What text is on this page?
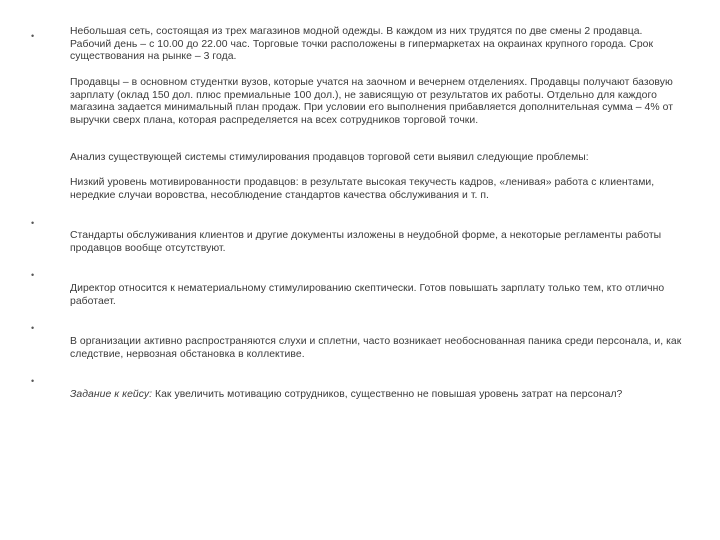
•
•
•
•
•
Небольшая сеть, состоящая из трех магазинов модной одежды. В каждом из них трудятся по две смены 2 продавца. Рабочий день – с 10.00 до 22.00 час. Торговые точки расположены в гипермаркетах на окраинах крупного города. Срок существования на рынке – 3 года.
Продавцы – в основном студентки вузов, которые учатся на заочном и вечернем отделениях. Продавцы получают базовую зарплату (оклад 150 дол. плюс премиальные 100 дол.), не зависящую от результатов их работы. Отдельно для каждого магазина задается минимальный план продаж. При условии его выполнения прибавляется дополнительная сумма – 4% от выручки сверх плана, которая распределяется на всех сотрудников торговой точки.
Анализ существующей системы стимулирования продавцов торговой сети выявил следующие проблемы:
Низкий уровень мотивированности продавцов: в результате высокая текучесть кадров, «ленивая» работа с клиентами, нередкие случаи воровства, несоблюдение стандартов качества обслуживания и т. п.
Стандарты обслуживания клиентов и другие документы изложены в неудобной форме, а некоторые регламенты работы продавцов вообще отсутствуют.
Директор относится к нематериальному стимулированию скептически. Готов повышать зарплату только тем, кто отлично работает.
В организации активно распространяются слухи и сплетни, часто возникает необоснованная паника среди персонала, и, как следствие, нервозная обстановка в коллективе.
Задание к кейсу: Как увеличить мотивацию сотрудников, существенно не повышая уровень затрат на персонал?
